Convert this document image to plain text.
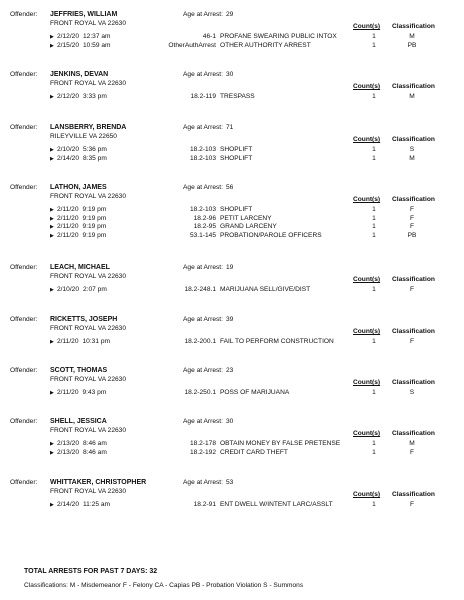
Offender: JEFFRIES, WILLIAM	Age at Arrest: 29
FRONT ROYAL VA 22630	Count(s) Classification
▶ 2/12/20 12:37 am	46-1 PROFANE SWEARING PUBLIC INTOX	1	M
▶ 2/15/20 10:59 am	OtherAuthArrest OTHER AUTHORITY ARREST	1	PB
Offender: JENKINS, DEVAN	Age at Arrest: 30
FRONT ROYAL VA 22630	Count(s) Classification
▶ 2/12/20 3:33 pm	18.2-119 TRESPASS	1	M
Offender: LANSBERRY, BRENDA	Age at Arrest: 71
RILEYVILLE VA 22650	Count(s) Classification
▶ 2/10/20 5:36 pm	18.2-103 SHOPLIFT	1	S
▶ 2/14/20 8:35 pm	18.2-103 SHOPLIFT	1	M
Offender: LATHON, JAMES	Age at Arrest: 56
FRONT ROYAL VA 22630	Count(s) Classification
▶ 2/11/20 9:19 pm	18.2-103 SHOPLIFT	1	F
▶ 2/11/20 9:19 pm	18.2-96 PETIT LARCENY	1	F
▶ 2/11/20 9:19 pm	18.2-95 GRAND LARCENY	1	F
▶ 2/11/20 9:19 pm	53.1-145 PROBATION/PAROLE OFFICERS	1	PB
Offender: LEACH, MICHAEL	Age at Arrest: 19
FRONT ROYAL VA 22630	Count(s) Classification
▶ 2/10/20 2:07 pm	18.2-248.1 MARIJUANA SELL/GIVE/DIST	1	F
Offender: RICKETTS, JOSEPH	Age at Arrest: 39
FRONT ROYAL VA 22630	Count(s) Classification
▶ 2/11/20 10:31 pm	18.2-200.1 FAIL TO PERFORM CONSTRUCTION	1	F
Offender: SCOTT, THOMAS	Age at Arrest: 23
FRONT ROYAL VA 22630	Count(s) Classification
▶ 2/11/20 9:43 pm	18.2-250.1 POSS OF MARIJUANA	1	S
Offender: SHELL, JESSICA	Age at Arrest: 30
FRONT ROYAL VA 22630	Count(s) Classification
▶ 2/13/20 8:46 am	18.2-178 OBTAIN MONEY BY FALSE PRETENSE	1	M
▶ 2/13/20 8:46 am	18.2-192 CREDIT CARD THEFT	1	F
Offender: WHITTAKER, CHRISTOPHER	Age at Arrest: 53
FRONT ROYAL VA 22630	Count(s) Classification
▶ 2/14/20 11:25 am	18.2-91 ENT DWELL W/INTENT LARC/ASSLT	1	F
TOTAL ARRESTS FOR PAST 7 DAYS: 32
Classifications: M - Misdemeanor F - Felony CA - Capias PB - Probation Violation S - Summons
